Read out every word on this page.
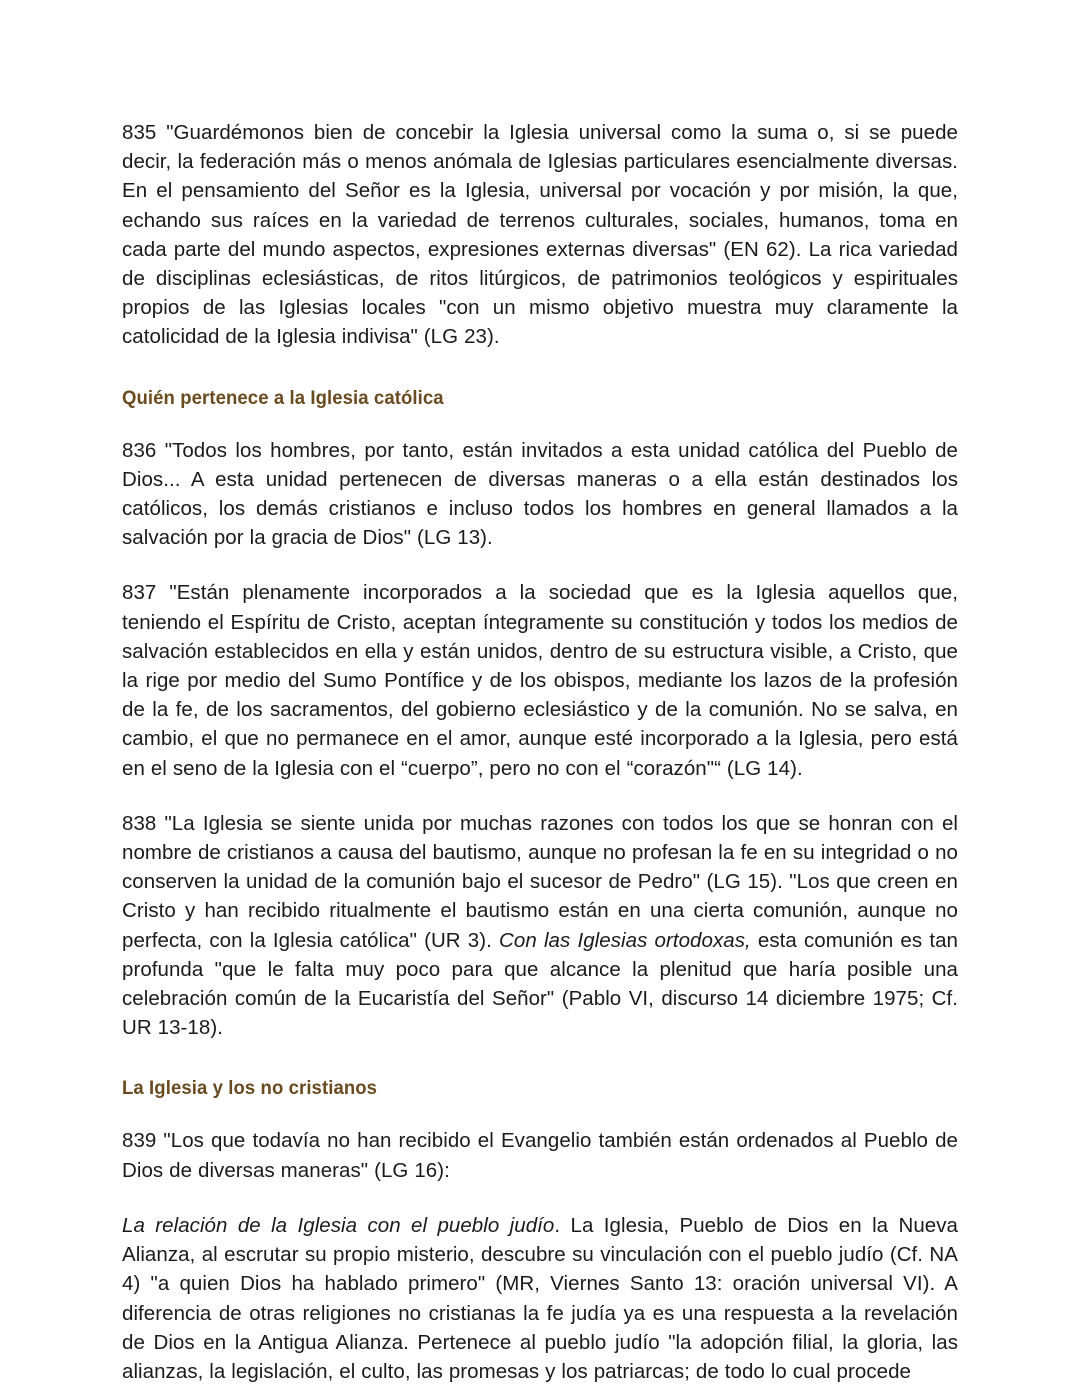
835 "Guardémonos bien de concebir la Iglesia universal como la suma o, si se puede decir, la federación más o menos anómala de Iglesias particulares esencialmente diversas. En el pensamiento del Señor es la Iglesia, universal por vocación y por misión, la que, echando sus raíces en la variedad de terrenos culturales, sociales, humanos, toma en cada parte del mundo aspectos, expresiones externas diversas" (EN 62). La rica variedad de disciplinas eclesiásticas, de ritos litúrgicos, de patrimonios teológicos y espirituales propios de las Iglesias locales "con un mismo objetivo muestra muy claramente la catolicidad de la Iglesia indivisa" (LG 23).

Quién pertenece a la Iglesia católica

836 "Todos los hombres, por tanto, están invitados a esta unidad católica del Pueblo de Dios... A esta unidad pertenecen de diversas maneras o a ella están destinados los católicos, los demás cristianos e incluso todos los hombres en general llamados a la salvación por la gracia de Dios" (LG 13).

837 "Están plenamente incorporados a la sociedad que es la Iglesia aquellos que, teniendo el Espíritu de Cristo, aceptan íntegramente su constitución y todos los medios de salvación establecidos en ella y están unidos, dentro de su estructura visible, a Cristo, que la rige por medio del Sumo Pontífice y de los obispos, mediante los lazos de la profesión de la fe, de los sacramentos, del gobierno eclesiástico y de la comunión. No se salva, en cambio, el que no permanece en el amor, aunque esté incorporado a la Iglesia, pero está en el seno de la Iglesia con el “cuerpo”, pero no con el “corazón"“ (LG 14).

838 "La Iglesia se siente unida por muchas razones con todos los que se honran con el nombre de cristianos a causa del bautismo, aunque no profesan la fe en su integridad o no conserven la unidad de la comunión bajo el sucesor de Pedro" (LG 15). "Los que creen en Cristo y han recibido ritualmente el bautismo están en una cierta comunión, aunque no perfecta, con la Iglesia católica" (UR 3). Con las Iglesias ortodoxas, esta comunión es tan profunda "que le falta muy poco para que alcance la plenitud que haría posible una celebración común de la Eucaristía del Señor" (Pablo VI, discurso 14 diciembre 1975; Cf. UR 13-18).

La Iglesia y los no cristianos

839 "Los que todavía no han recibido el Evangelio también están ordenados al Pueblo de Dios de diversas maneras" (LG 16):

La relación de la Iglesia con el pueblo judío. La Iglesia, Pueblo de Dios en la Nueva Alianza, al escrutar su propio misterio, descubre su vinculación con el pueblo judío (Cf. NA 4) "a quien Dios ha hablado primero" (MR, Viernes Santo 13: oración universal VI). A diferencia de otras religiones no cristianas la fe judía ya es una respuesta a la revelación de Dios en la Antigua Alianza. Pertenece al pueblo judío "la adopción filial, la gloria, las alianzas, la legislación, el culto, las promesas y los patriarcas; de todo lo cual procede
